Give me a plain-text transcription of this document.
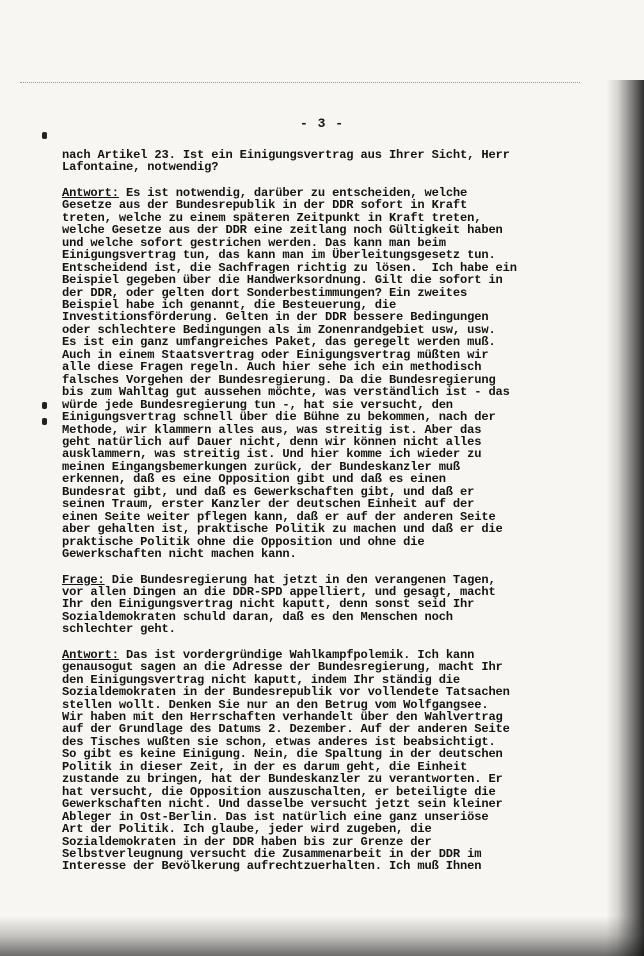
- 3 -
nach Artikel 23. Ist ein Einigungsvertrag aus Ihrer Sicht, Herr
Lafontaine, notwendig?
Antwort: Es ist notwendig, darüber zu entscheiden, welche
Gesetze aus der Bundesrepublik in der DDR sofort in Kraft
treten, welche zu einem späteren Zeitpunkt in Kraft treten,
welche Gesetze aus der DDR eine zeitlang noch Gültigkeit haben
und welche sofort gestrichen werden. Das kann man beim
Einigungsvertrag tun, das kann man im Überleitungsgesetz tun.
Entscheidend ist, die Sachfragen richtig zu lösen.  Ich habe ein
Beispiel gegeben über die Handwerksordnung. Gilt die sofort in
der DDR, oder gelten dort Sonderbestimmungen? Ein zweites
Beispiel habe ich genannt, die Besteuerung, die
Investitionsförderung. Gelten in der DDR bessere Bedingungen
oder schlechtere Bedingungen als im Zonenrandgebiet usw, usw.
Es ist ein ganz umfangreiches Paket, das geregelt werden muß.
Auch in einem Staatsvertrag oder Einigungsvertrag müßten wir
alle diese Fragen regeln. Auch hier sehe ich ein methodisch
falsches Vorgehen der Bundesregierung. Da die Bundesregierung
bis zum Wahltag gut aussehen möchte, was verständlich ist - das
würde jede Bundesregierung tun -, hat sie versucht, den
Einigungsvertrag schnell über die Bühne zu bekommen, nach der
Methode, wir klammern alles aus, was streitig ist. Aber das
geht natürlich auf Dauer nicht, denn wir können nicht alles
ausklammern, was streitig ist. Und hier komme ich wieder zu
meinen Eingangsbemerkungen zurück, der Bundeskanzler muß
erkennen, daß es eine Opposition gibt und daß es einen
Bundesrat gibt, und daß es Gewerkschaften gibt, und daß er
seinen Traum, erster Kanzler der deutschen Einheit auf der
einen Seite weiter pflegen kann, daß er auf der anderen Seite
aber gehalten ist, praktische Politik zu machen und daß er die
praktische Politik ohne die Opposition und ohne die
Gewerkschaften nicht machen kann.
Frage: Die Bundesregierung hat jetzt in den verangenen Tagen,
vor allen Dingen an die DDR-SPD appelliert, und gesagt, macht
Ihr den Einigungsvertrag nicht kaputt, denn sonst seid Ihr
Sozialdemokraten schuld daran, daß es den Menschen noch
schlechter geht.
Antwort: Das ist vordergründige Wahlkampfpolemik. Ich kann
genausogut sagen an die Adresse der Bundesregierung, macht Ihr
den Einigungsvertrag nicht kaputt, indem Ihr ständig die
Sozialdemokraten in der Bundesrepublik vor vollendete Tatsachen
stellen wollt. Denken Sie nur an den Betrug vom Wolfgangsee.
Wir haben mit den Herrschaften verhandelt über den Wahlvertrag
auf der Grundlage des Datums 2. Dezember. Auf der anderen Seite
des Tisches wußten sie schon, etwas anderes ist beabsichtigt.
So gibt es keine Einigung. Nein, die Spaltung in der deutschen
Politik in dieser Zeit, in der es darum geht, die Einheit
zustande zu bringen, hat der Bundeskanzler zu verantworten. Er
hat versucht, die Opposition auszuschalten, er beteiligte die
Gewerkschaften nicht. Und dasselbe versucht jetzt sein kleiner
Ableger in Ost-Berlin. Das ist natürlich eine ganz unseriöse
Art der Politik. Ich glaube, jeder wird zugeben, die
Sozialdemokraten in der DDR haben bis zur Grenze der
Selbstverleugnung versucht die Zusammenarbeit in der DDR im
Interesse der Bevölkerung aufrechtzuerhalten. Ich muß Ihnen
